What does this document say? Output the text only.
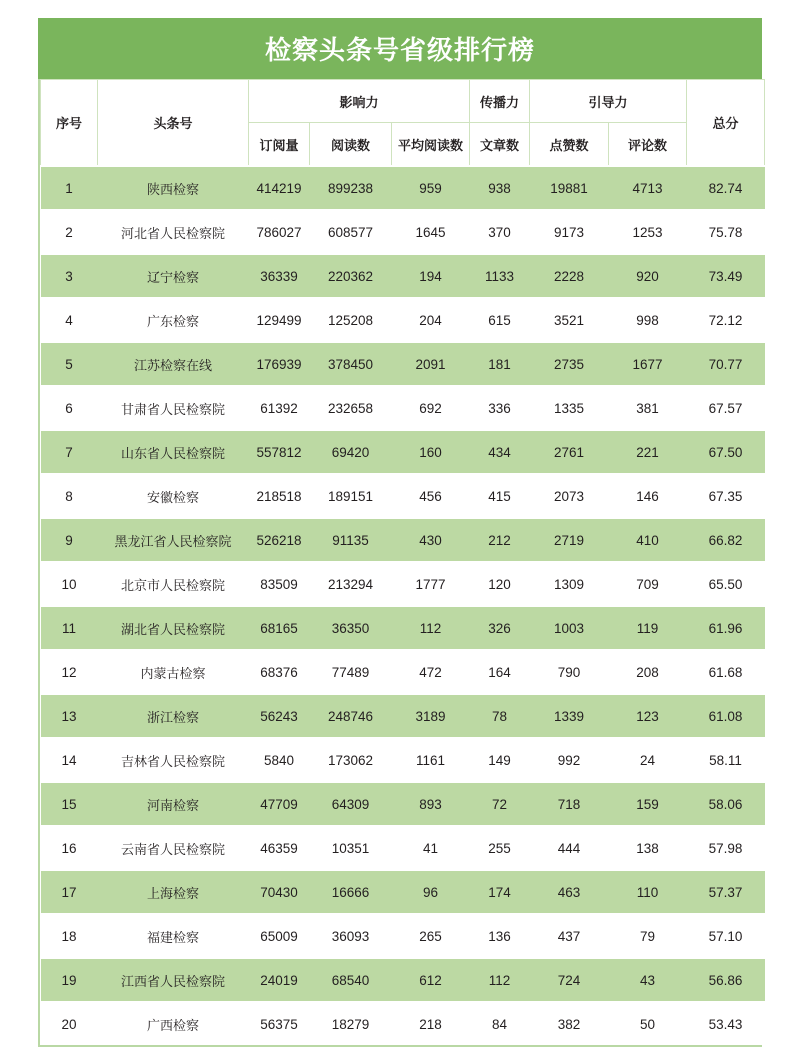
检察头条号省级排行榜
序号	头条号	影响力			传播力	引导力		总分
		订阅量	阅读数	平均阅读数	文章数	点赞数	评论数	
1	陕西检察	414219	899238	959	938	19881	4713	82.74
2	河北省人民检察院	786027	608577	1645	370	9173	1253	75.78
3	辽宁检察	36339	220362	194	1133	2228	920	73.49
4	广东检察	129499	125208	204	615	3521	998	72.12
5	江苏检察在线	176939	378450	2091	181	2735	1677	70.77
6	甘肃省人民检察院	61392	232658	692	336	1335	381	67.57
7	山东省人民检察院	557812	69420	160	434	2761	221	67.50
8	安徽检察	218518	189151	456	415	2073	146	67.35
9	黑龙江省人民检察院	526218	91135	430	212	2719	410	66.82
10	北京市人民检察院	83509	213294	1777	120	1309	709	65.50
11	湖北省人民检察院	68165	36350	112	326	1003	119	61.96
12	内蒙古检察	68376	77489	472	164	790	208	61.68
13	浙江检察	56243	248746	3189	78	1339	123	61.08
14	吉林省人民检察院	5840	173062	1161	149	992	24	58.11
15	河南检察	47709	64309	893	72	718	159	58.06
16	云南省人民检察院	46359	10351	41	255	444	138	57.98
17	上海检察	70430	16666	96	174	463	110	57.37
18	福建检察	65009	36093	265	136	437	79	57.10
19	江西省人民检察院	24019	68540	612	112	724	43	56.86
20	广西检察	56375	18279	218	84	382	50	53.43
